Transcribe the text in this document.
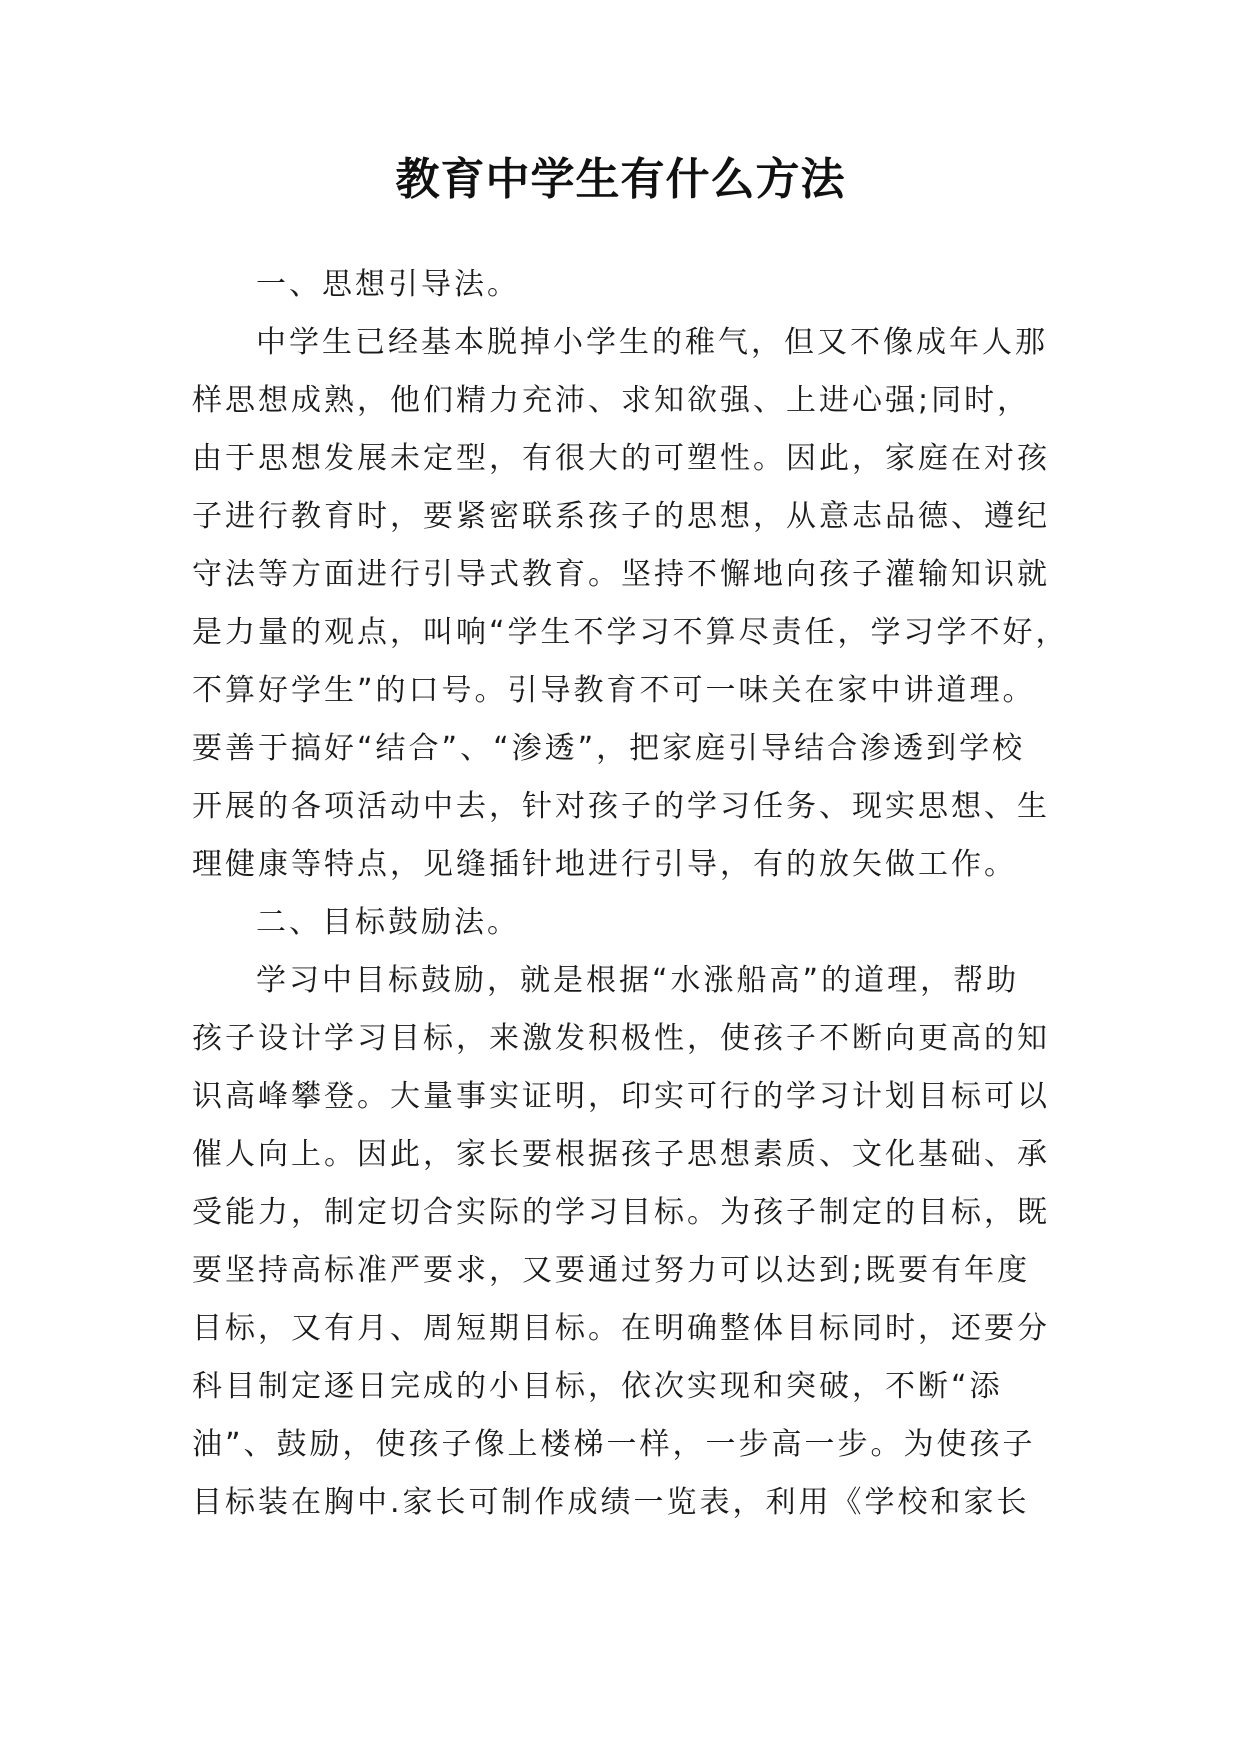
教育中学生有什么方法
一、思想引导法。
中学生已经基本脱掉小学生的稚气，但又不像成年人那
样思想成熟，他们精力充沛、求知欲强、上进心强;同时，
由于思想发展未定型，有很大的可塑性。因此，家庭在对孩
子进行教育时，要紧密联系孩子的思想，从意志品德、遵纪
守法等方面进行引导式教育。坚持不懈地向孩子灌输知识就
是力量的观点，叫响“学生不学习不算尽责任，学习学不好，
不算好学生”的口号。引导教育不可一味关在家中讲道理。
要善于搞好“结合”、“渗透”，把家庭引导结合渗透到学校
开展的各项活动中去，针对孩子的学习任务、现实思想、生
理健康等特点，见缝插针地进行引导，有的放矢做工作。
二、目标鼓励法。
学习中目标鼓励，就是根据“水涨船高”的道理，帮助
孩子设计学习目标，来激发积极性，使孩子不断向更高的知
识高峰攀登。大量事实证明，印实可行的学习计划目标可以
催人向上。因此，家长要根据孩子思想素质、文化基础、承
受能力，制定切合实际的学习目标。为孩子制定的目标，既
要坚持高标准严要求，又要通过努力可以达到;既要有年度
目标，又有月、周短期目标。在明确整体目标同时，还要分
科目制定逐日完成的小目标，依次实现和突破，不断“添
油”、鼓励，使孩子像上楼梯一样，一步高一步。为使孩子
目标装在胸中.家长可制作成绩一览表，利用《学校和家长
